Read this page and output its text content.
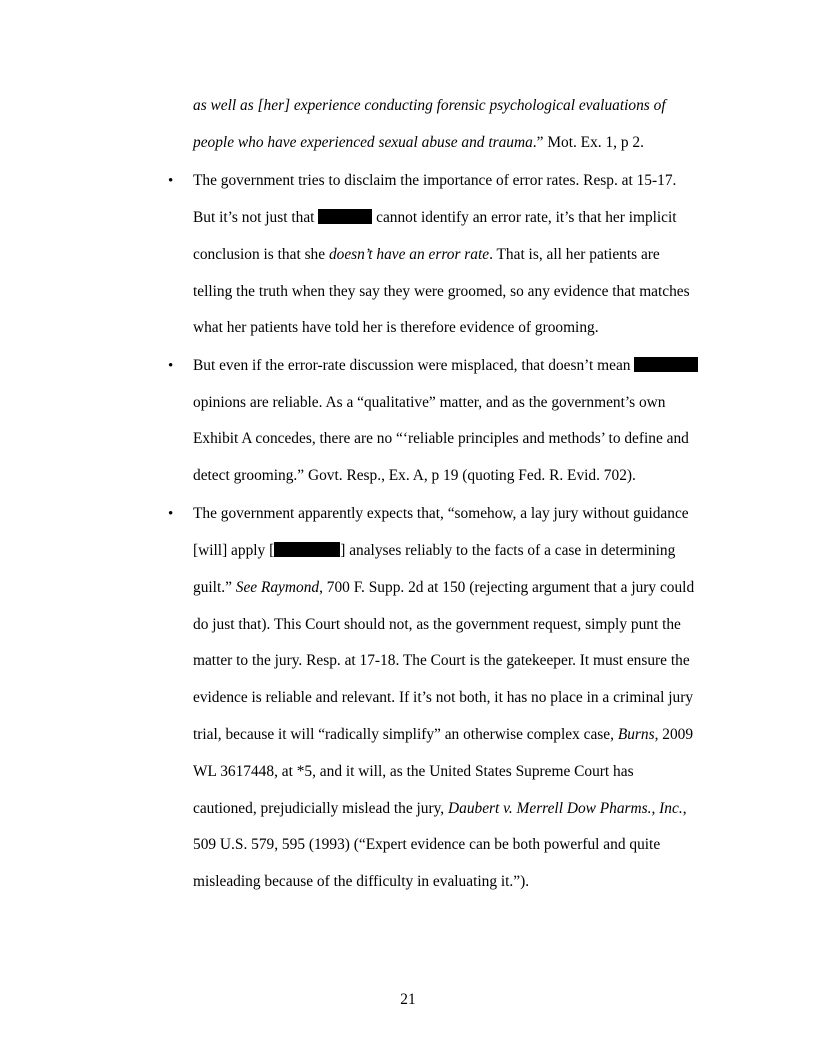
as well as [her] experience conducting forensic psychological evaluations of
people who have experienced sexual abuse and trauma.” Mot. Ex. 1, p 2.
• The government tries to disclaim the importance of error rates. Resp. at 15-17.
But it’s not just that	cannot identify an error rate, it’s that her implicit
conclusion is that she doesn’t have an error rate. That is, all her patients are
telling the truth when they say they were groomed, so any evidence that matches
what her patients have told her is therefore evidence of grooming.
• But even if the error-rate discussion were misplaced, that doesn’t mean
opinions are reliable. As a “qualitative” matter, and as the government’s own
Exhibit A concedes, there are no “‘reliable principles and methods’ to define and
detect grooming.” Govt. Resp., Ex. A, p 19 (quoting Fed. R. Evid. 702).
• The government apparently expects that, “somehow, a lay jury without guidance
[will] apply [	] analyses reliably to the facts of a case in determining
guilt.” See Raymond, 700 F. Supp. 2d at 150 (rejecting argument that a jury could
do just that). This Court should not, as the government request, simply punt the
matter to the jury. Resp. at 17-18. The Court is the gatekeeper. It must ensure the
evidence is reliable and relevant. If it’s not both, it has no place in a criminal jury
trial, because it will “radically simplify” an otherwise complex case, Burns, 2009
WL 3617448, at *5, and it will, as the United States Supreme Court has
cautioned, prejudicially mislead the jury, Daubert v. Merrell Dow Pharms., Inc.,
509 U.S. 579, 595 (1993) (“Expert evidence can be both powerful and quite
misleading because of the difficulty in evaluating it.”).
21
